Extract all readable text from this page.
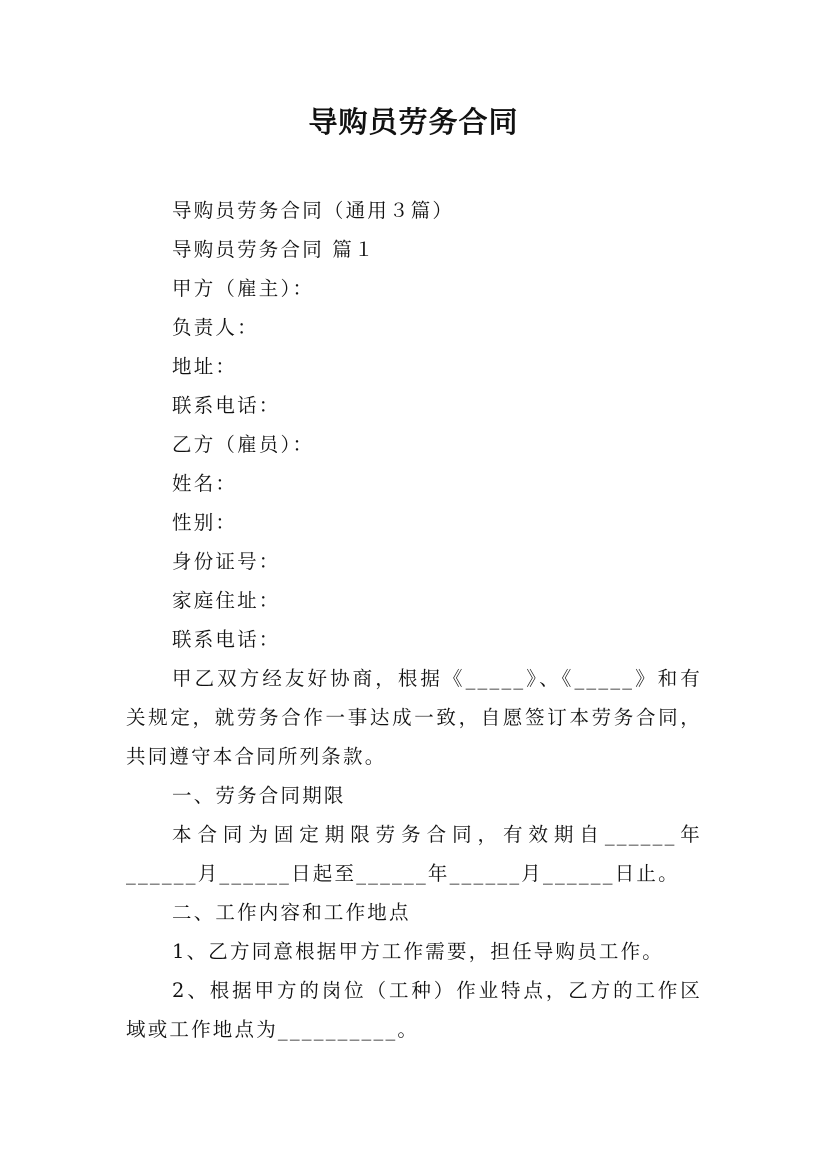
导购员劳务合同
导购员劳务合同（通用３篇）
导购员劳务合同 篇１
甲方（雇主）：
负责人：
地址：
联系电话：
乙方（雇员）：
姓名：
性别：
身份证号：
家庭住址：
联系电话：
甲乙双方经友好协商，根据《_____》、《_____》和有关规定，就劳务合作一事达成一致，自愿签订本劳务合同，共同遵守本合同所列条款。
一、劳务合同期限
本合同为固定期限劳务合同，有效期自______年______月______日起至______年______月______日止。
二、工作内容和工作地点
1、乙方同意根据甲方工作需要，担任导购员工作。
2、根据甲方的岗位（工种）作业特点，乙方的工作区域或工作地点为__________。
